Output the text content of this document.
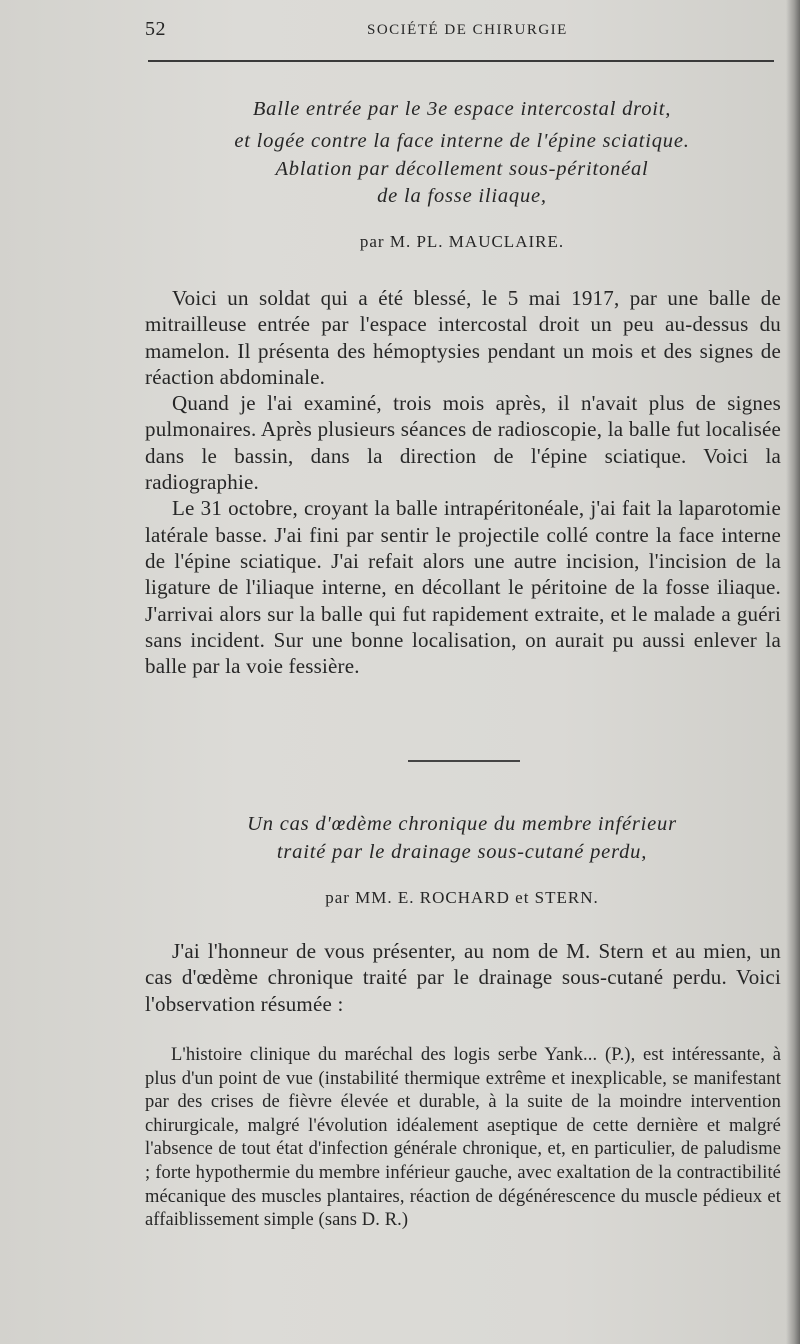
52	SOCIÉTÉ DE CHIRURGIE
Balle entrée par le 3e espace intercostal droit,
et logée contre la face interne de l'épine sciatique.
Ablation par décollement sous-péritonéal
de la fosse iliaque,
par M. PL. MAUCLAIRE.

Voici un soldat qui a été blessé, le 5 mai 1917, par une balle de mitrailleuse entrée par l'espace intercostal droit un peu au-dessus du mamelon. Il présenta des hémoptysies pendant un mois et des signes de réaction abdominale.

Quand je l'ai examiné, trois mois après, il n'avait plus de signes pulmonaires. Après plusieurs séances de radioscopie, la balle fut localisée dans le bassin, dans la direction de l'épine sciatique. Voici la radiographie.

Le 31 octobre, croyant la balle intrapéritonéale, j'ai fait la laparotomie latérale basse. J'ai fini par sentir le projectile collé contre la face interne de l'épine sciatique. J'ai refait alors une autre incision, l'incision de la ligature de l'iliaque interne, en décollant le péritoine de la fosse iliaque. J'arrivai alors sur la balle qui fut rapidement extraite, et le malade a guéri sans incident. Sur une bonne localisation, on aurait pu aussi enlever la balle par la voie fessière.

Un cas d'œdème chronique du membre inférieur
traité par le drainage sous-cutané perdu,
par MM. E. ROCHARD et STERN.

J'ai l'honneur de vous présenter, au nom de M. Stern et au mien, un cas d'œdème chronique traité par le drainage sous-cutané perdu. Voici l'observation résumée :

L'histoire clinique du maréchal des logis serbe Yank... (P.), est intéressante, à plus d'un point de vue (instabilité thermique extrême et inexplicable, se manifestant par des crises de fièvre élevée et durable, à la suite de la moindre intervention chirurgicale, malgré l'évolution idéalement aseptique de cette dernière et malgré l'absence de tout état d'infection générale chronique, et, en particulier, de paludisme ; forte hypothermie du membre inférieur gauche, avec exaltation de la contractibilité mécanique des muscles plantaires, réaction de dégénérescence du muscle pédieux et affaiblissement simple (sans D. R.)
